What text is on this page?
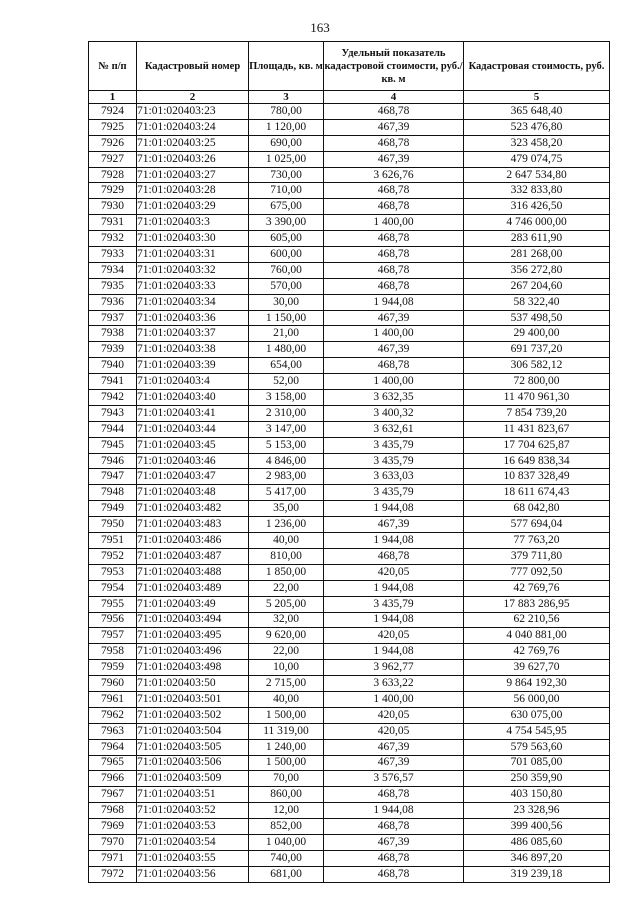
163
№ п/п	Кадастровый номер	Площадь, кв. м	Удельный показатель кадастровой стоимости, руб./кв. м	Кадастровая стоимость, руб.
1	2	3	4	5
7924	71:01:020403:23	780,00	468,78	365 648,40
7925	71:01:020403:24	1 120,00	467,39	523 476,80
7926	71:01:020403:25	690,00	468,78	323 458,20
7927	71:01:020403:26	1 025,00	467,39	479 074,75
7928	71:01:020403:27	730,00	3 626,76	2 647 534,80
7929	71:01:020403:28	710,00	468,78	332 833,80
7930	71:01:020403:29	675,00	468,78	316 426,50
7931	71:01:020403:3	3 390,00	1 400,00	4 746 000,00
7932	71:01:020403:30	605,00	468,78	283 611,90
7933	71:01:020403:31	600,00	468,78	281 268,00
7934	71:01:020403:32	760,00	468,78	356 272,80
7935	71:01:020403:33	570,00	468,78	267 204,60
7936	71:01:020403:34	30,00	1 944,08	58 322,40
7937	71:01:020403:36	1 150,00	467,39	537 498,50
7938	71:01:020403:37	21,00	1 400,00	29 400,00
7939	71:01:020403:38	1 480,00	467,39	691 737,20
7940	71:01:020403:39	654,00	468,78	306 582,12
7941	71:01:020403:4	52,00	1 400,00	72 800,00
7942	71:01:020403:40	3 158,00	3 632,35	11 470 961,30
7943	71:01:020403:41	2 310,00	3 400,32	7 854 739,20
7944	71:01:020403:44	3 147,00	3 632,61	11 431 823,67
7945	71:01:020403:45	5 153,00	3 435,79	17 704 625,87
7946	71:01:020403:46	4 846,00	3 435,79	16 649 838,34
7947	71:01:020403:47	2 983,00	3 633,03	10 837 328,49
7948	71:01:020403:48	5 417,00	3 435,79	18 611 674,43
7949	71:01:020403:482	35,00	1 944,08	68 042,80
7950	71:01:020403:483	1 236,00	467,39	577 694,04
7951	71:01:020403:486	40,00	1 944,08	77 763,20
7952	71:01:020403:487	810,00	468,78	379 711,80
7953	71:01:020403:488	1 850,00	420,05	777 092,50
7954	71:01:020403:489	22,00	1 944,08	42 769,76
7955	71:01:020403:49	5 205,00	3 435,79	17 883 286,95
7956	71:01:020403:494	32,00	1 944,08	62 210,56
7957	71:01:020403:495	9 620,00	420,05	4 040 881,00
7958	71:01:020403:496	22,00	1 944,08	42 769,76
7959	71:01:020403:498	10,00	3 962,77	39 627,70
7960	71:01:020403:50	2 715,00	3 633,22	9 864 192,30
7961	71:01:020403:501	40,00	1 400,00	56 000,00
7962	71:01:020403:502	1 500,00	420,05	630 075,00
7963	71:01:020403:504	11 319,00	420,05	4 754 545,95
7964	71:01:020403:505	1 240,00	467,39	579 563,60
7965	71:01:020403:506	1 500,00	467,39	701 085,00
7966	71:01:020403:509	70,00	3 576,57	250 359,90
7967	71:01:020403:51	860,00	468,78	403 150,80
7968	71:01:020403:52	12,00	1 944,08	23 328,96
7969	71:01:020403:53	852,00	468,78	399 400,56
7970	71:01:020403:54	1 040,00	467,39	486 085,60
7971	71:01:020403:55	740,00	468,78	346 897,20
7972	71:01:020403:56	681,00	468,78	319 239,18
